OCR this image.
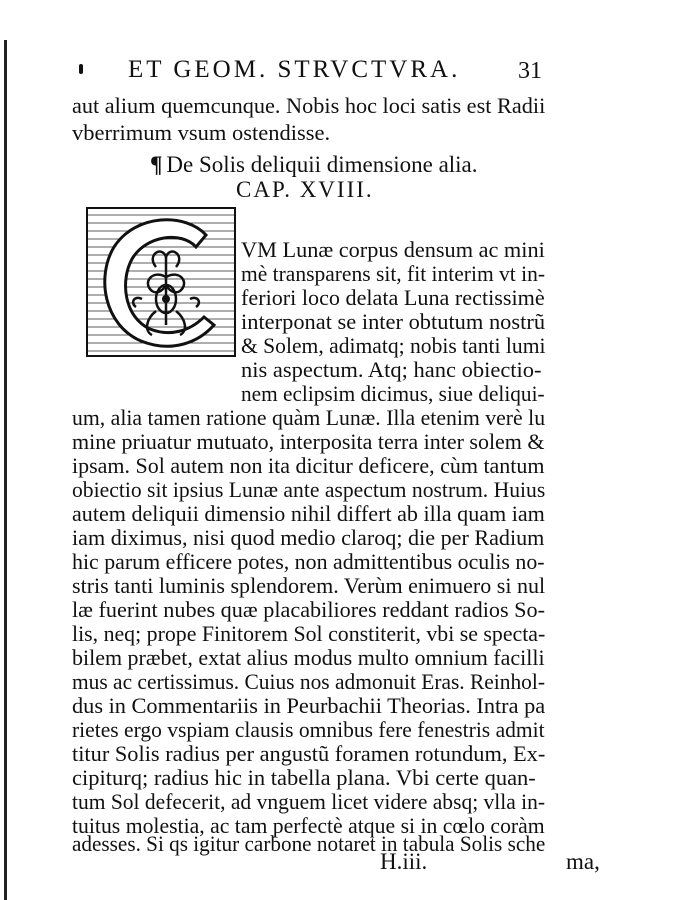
ET GEOM. STRVCTVRA. 31
aut alium quemcunque. Nobis hoc loci satis est Radii
vberrimum vsum ostendisse.
¶ De Solis deliquii dimensione alia.
CAP. XVIII.
VM Lunæ corpus densum ac mini
mè transparens sit, fit interim vt in-
feriori loco delata Luna rectissimè
interponat se inter obtutum nostrũ
& Solem, adimatq; nobis tanti lumi
nis aspectum. Atq; hanc obiectio-
nem eclipsim dicimus, siue deliqui-
um, alia tamen ratione quàm Lunæ. Illa etenim verè lu
mine priuatur mutuato, interposita terra inter solem &
ipsam. Sol autem non ita dicitur deficere, cùm tantum
obiectio sit ipsius Lunæ ante aspectum nostrum. Huius
autem deliquii dimensio nihil differt ab illa quam iam
iam diximus, nisi quod medio claroq; die per Radium
hic parum efficere potes, non admittentibus oculis no-
stris tanti luminis splendorem. Verùm enimuero si nul
læ fuerint nubes quæ placabiliores reddant radios So-
lis, neq; prope Finitorem Sol constiterit, vbi se specta-
bilem præbet, extat alius modus multo omnium facilli
mus ac certissimus. Cuius nos admonuit Eras. Reinhol-
dus in Commentariis in Peurbachii Theorias. Intra pa
rietes ergo vspiam clausis omnibus fere fenestris admit
titur Solis radius per angustũ foramen rotundum, Ex-
cipiturq; radius hic in tabella plana. Vbi certe quan-
tum Sol defecerit, ad vnguem licet videre absq; vlla in-
tuitus molestia, ac tam perfectè atque si in cœlo coràm
adesses. Si qs igitur carbone notaret in tabula Solis sche
H.iii.	ma,
